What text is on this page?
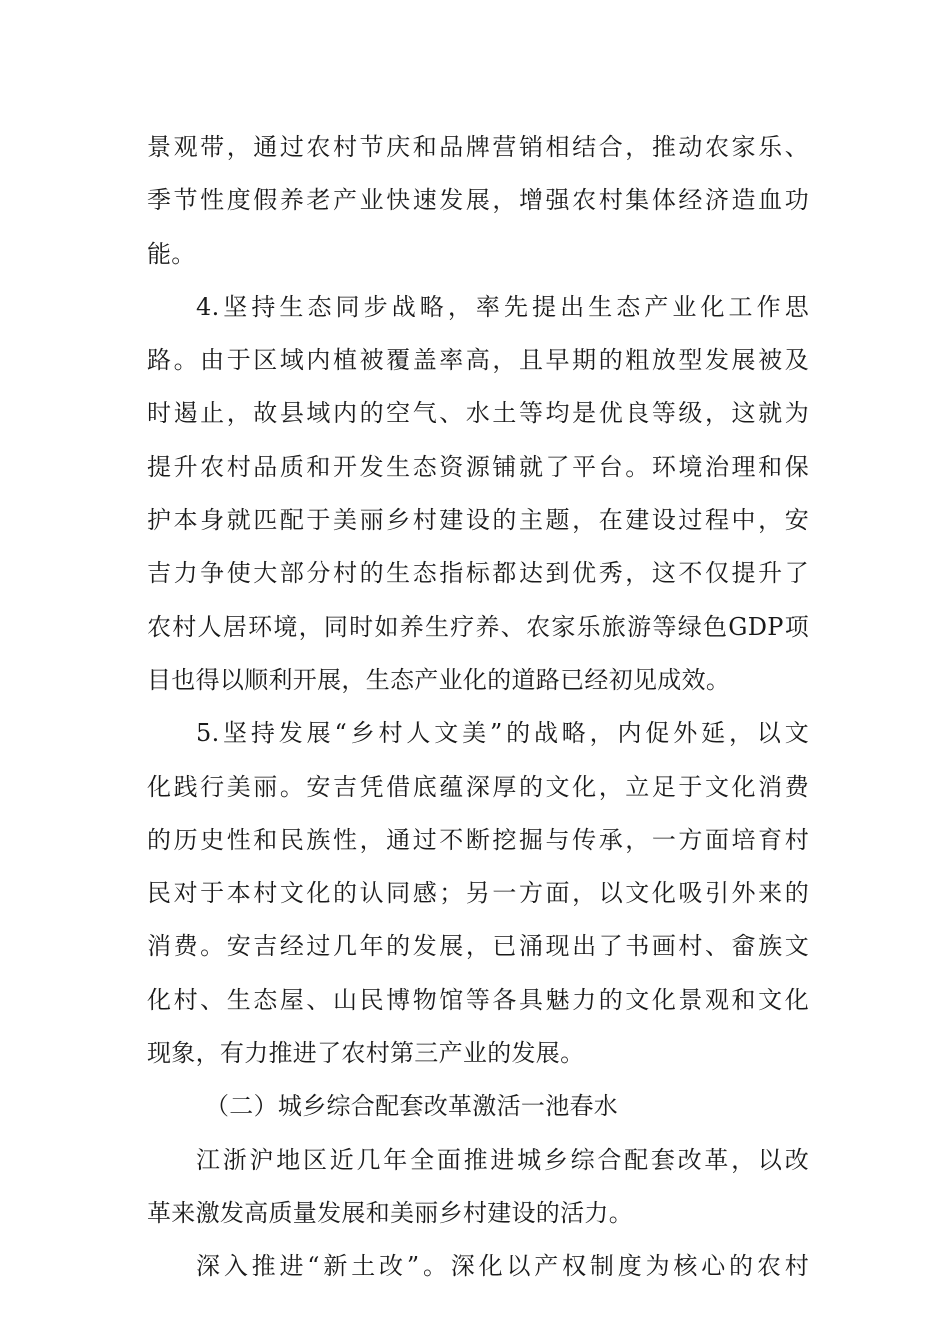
景观带，通过农村节庆和品牌营销相结合，推动农家乐、
季节性度假养老产业快速发展，增强农村集体经济造血功
能。
4.坚持生态同步战略，率先提出生态产业化工作思
路。由于区域内植被覆盖率高，且早期的粗放型发展被及
时遏止，故县域内的空气、水土等均是优良等级，这就为
提升农村品质和开发生态资源铺就了平台。环境治理和保
护本身就匹配于美丽乡村建设的主题，在建设过程中，安
吉力争使大部分村的生态指标都达到优秀，这不仅提升了
农村人居环境，同时如养生疗养、农家乐旅游等绿色GDP项
目也得以顺利开展，生态产业化的道路已经初见成效。
5.坚持发展“乡村人文美”的战略，内促外延，以文
化践行美丽。安吉凭借底蕴深厚的文化，立足于文化消费
的历史性和民族性，通过不断挖掘与传承，一方面培育村
民对于本村文化的认同感；另一方面，以文化吸引外来的
消费。安吉经过几年的发展，已涌现出了书画村、畲族文
化村、生态屋、山民博物馆等各具魅力的文化景观和文化
现象，有力推进了农村第三产业的发展。
（二）城乡综合配套改革激活一池春水
江浙沪地区近几年全面推进城乡综合配套改革，以改
革来激发高质量发展和美丽乡村建设的活力。
深入推进“新土改”。深化以产权制度为核心的农村
